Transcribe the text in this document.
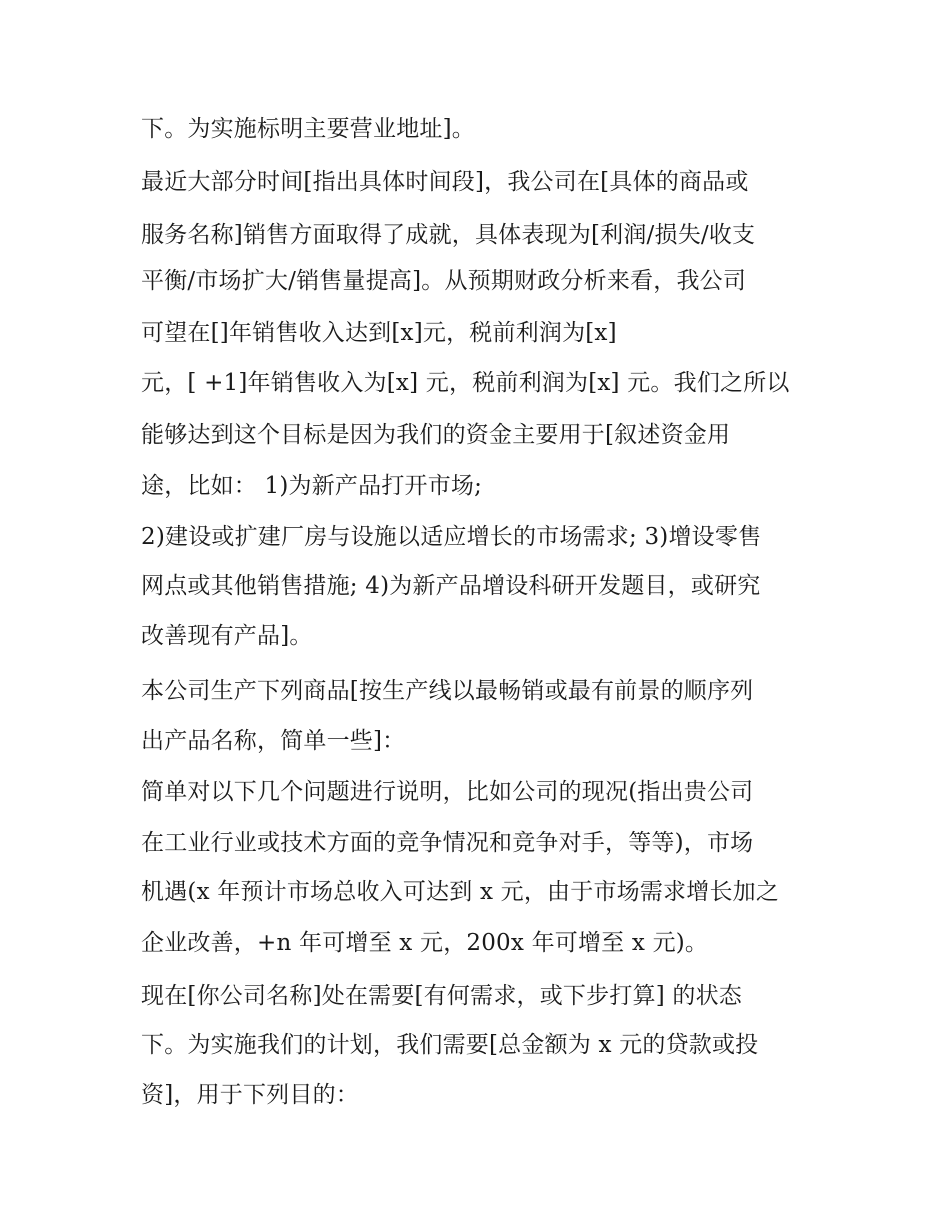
下。为实施标明主要营业地址]。

最近大部分时间[指出具体时间段]，我公司在[具体的商品或

服务名称]销售方面取得了成就，具体表现为[利润/损失/收支

平衡/市场扩大/销售量提高]。从预期财政分析来看，我公司

可望在[]年销售收入达到[x]元，税前利润为[x]

元，[ +1]年销售收入为[x] 元，税前利润为[x] 元。我们之所以

能够达到这个目标是因为我们的资金主要用于[叙述资金用

途，比如： 1)为新产品打开市场;

2)建设或扩建厂房与设施以适应增长的市场需求; 3)增设零售

网点或其他销售措施; 4)为新产品增设科研开发题目，或研究

改善现有产品]。

本公司生产下列商品[按生产线以最畅销或最有前景的顺序列

出产品名称，简单一些]：

简单对以下几个问题进行说明，比如公司的现况(指出贵公司

在工业行业或技术方面的竞争情况和竞争对手，等等)，市场

机遇(x 年预计市场总收入可达到 x 元，由于市场需求增长加之

企业改善，+n 年可增至 x 元，200x 年可增至 x 元)。

现在[你公司名称]处在需要[有何需求，或下步打算] 的状态

下。为实施我们的计划，我们需要[总金额为 x 元的贷款或投

资]，用于下列目的：
